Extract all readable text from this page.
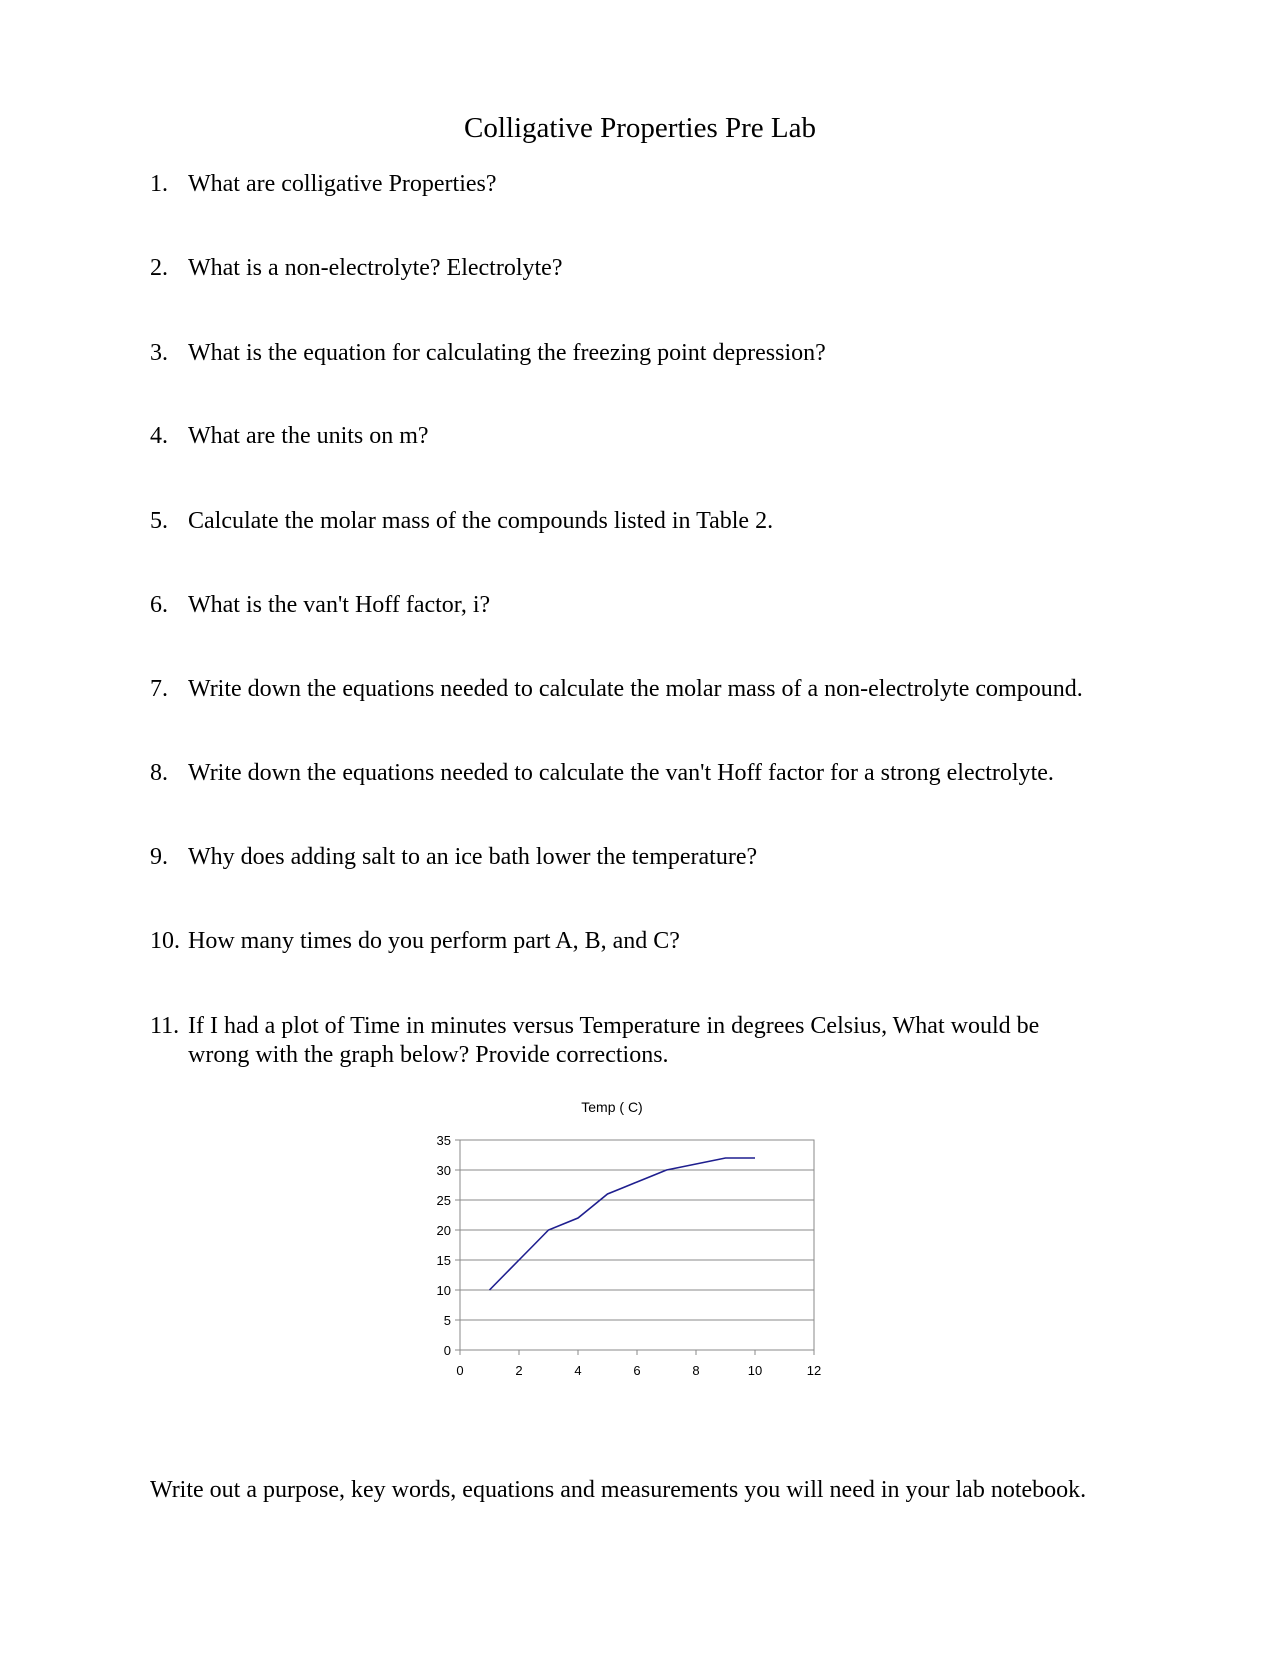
Colligative Properties Pre Lab
1. What are colligative Properties?
2. What is a non-electrolyte? Electrolyte?
3. What is the equation for calculating the freezing point depression?
4. What are the units on m?
5. Calculate the molar mass of the compounds listed in Table 2.
6. What is the van't Hoff factor, i?
7. Write down the equations needed to calculate the molar mass of a non-electrolyte compound.
8. Write down the equations needed to calculate the van't Hoff factor for a strong electrolyte.
9. Why does adding salt to an ice bath lower the temperature?
10. How many times do you perform part A, B, and C?
11. If I had a plot of Time in minutes versus Temperature in degrees Celsius, What would be wrong with the graph below? Provide corrections.
Temp ( C)
0
5
10
15
20
25
30
35
0	2	4	6	8	10	12
Write out a purpose, key words, equations and measurements you will need in your lab notebook.
